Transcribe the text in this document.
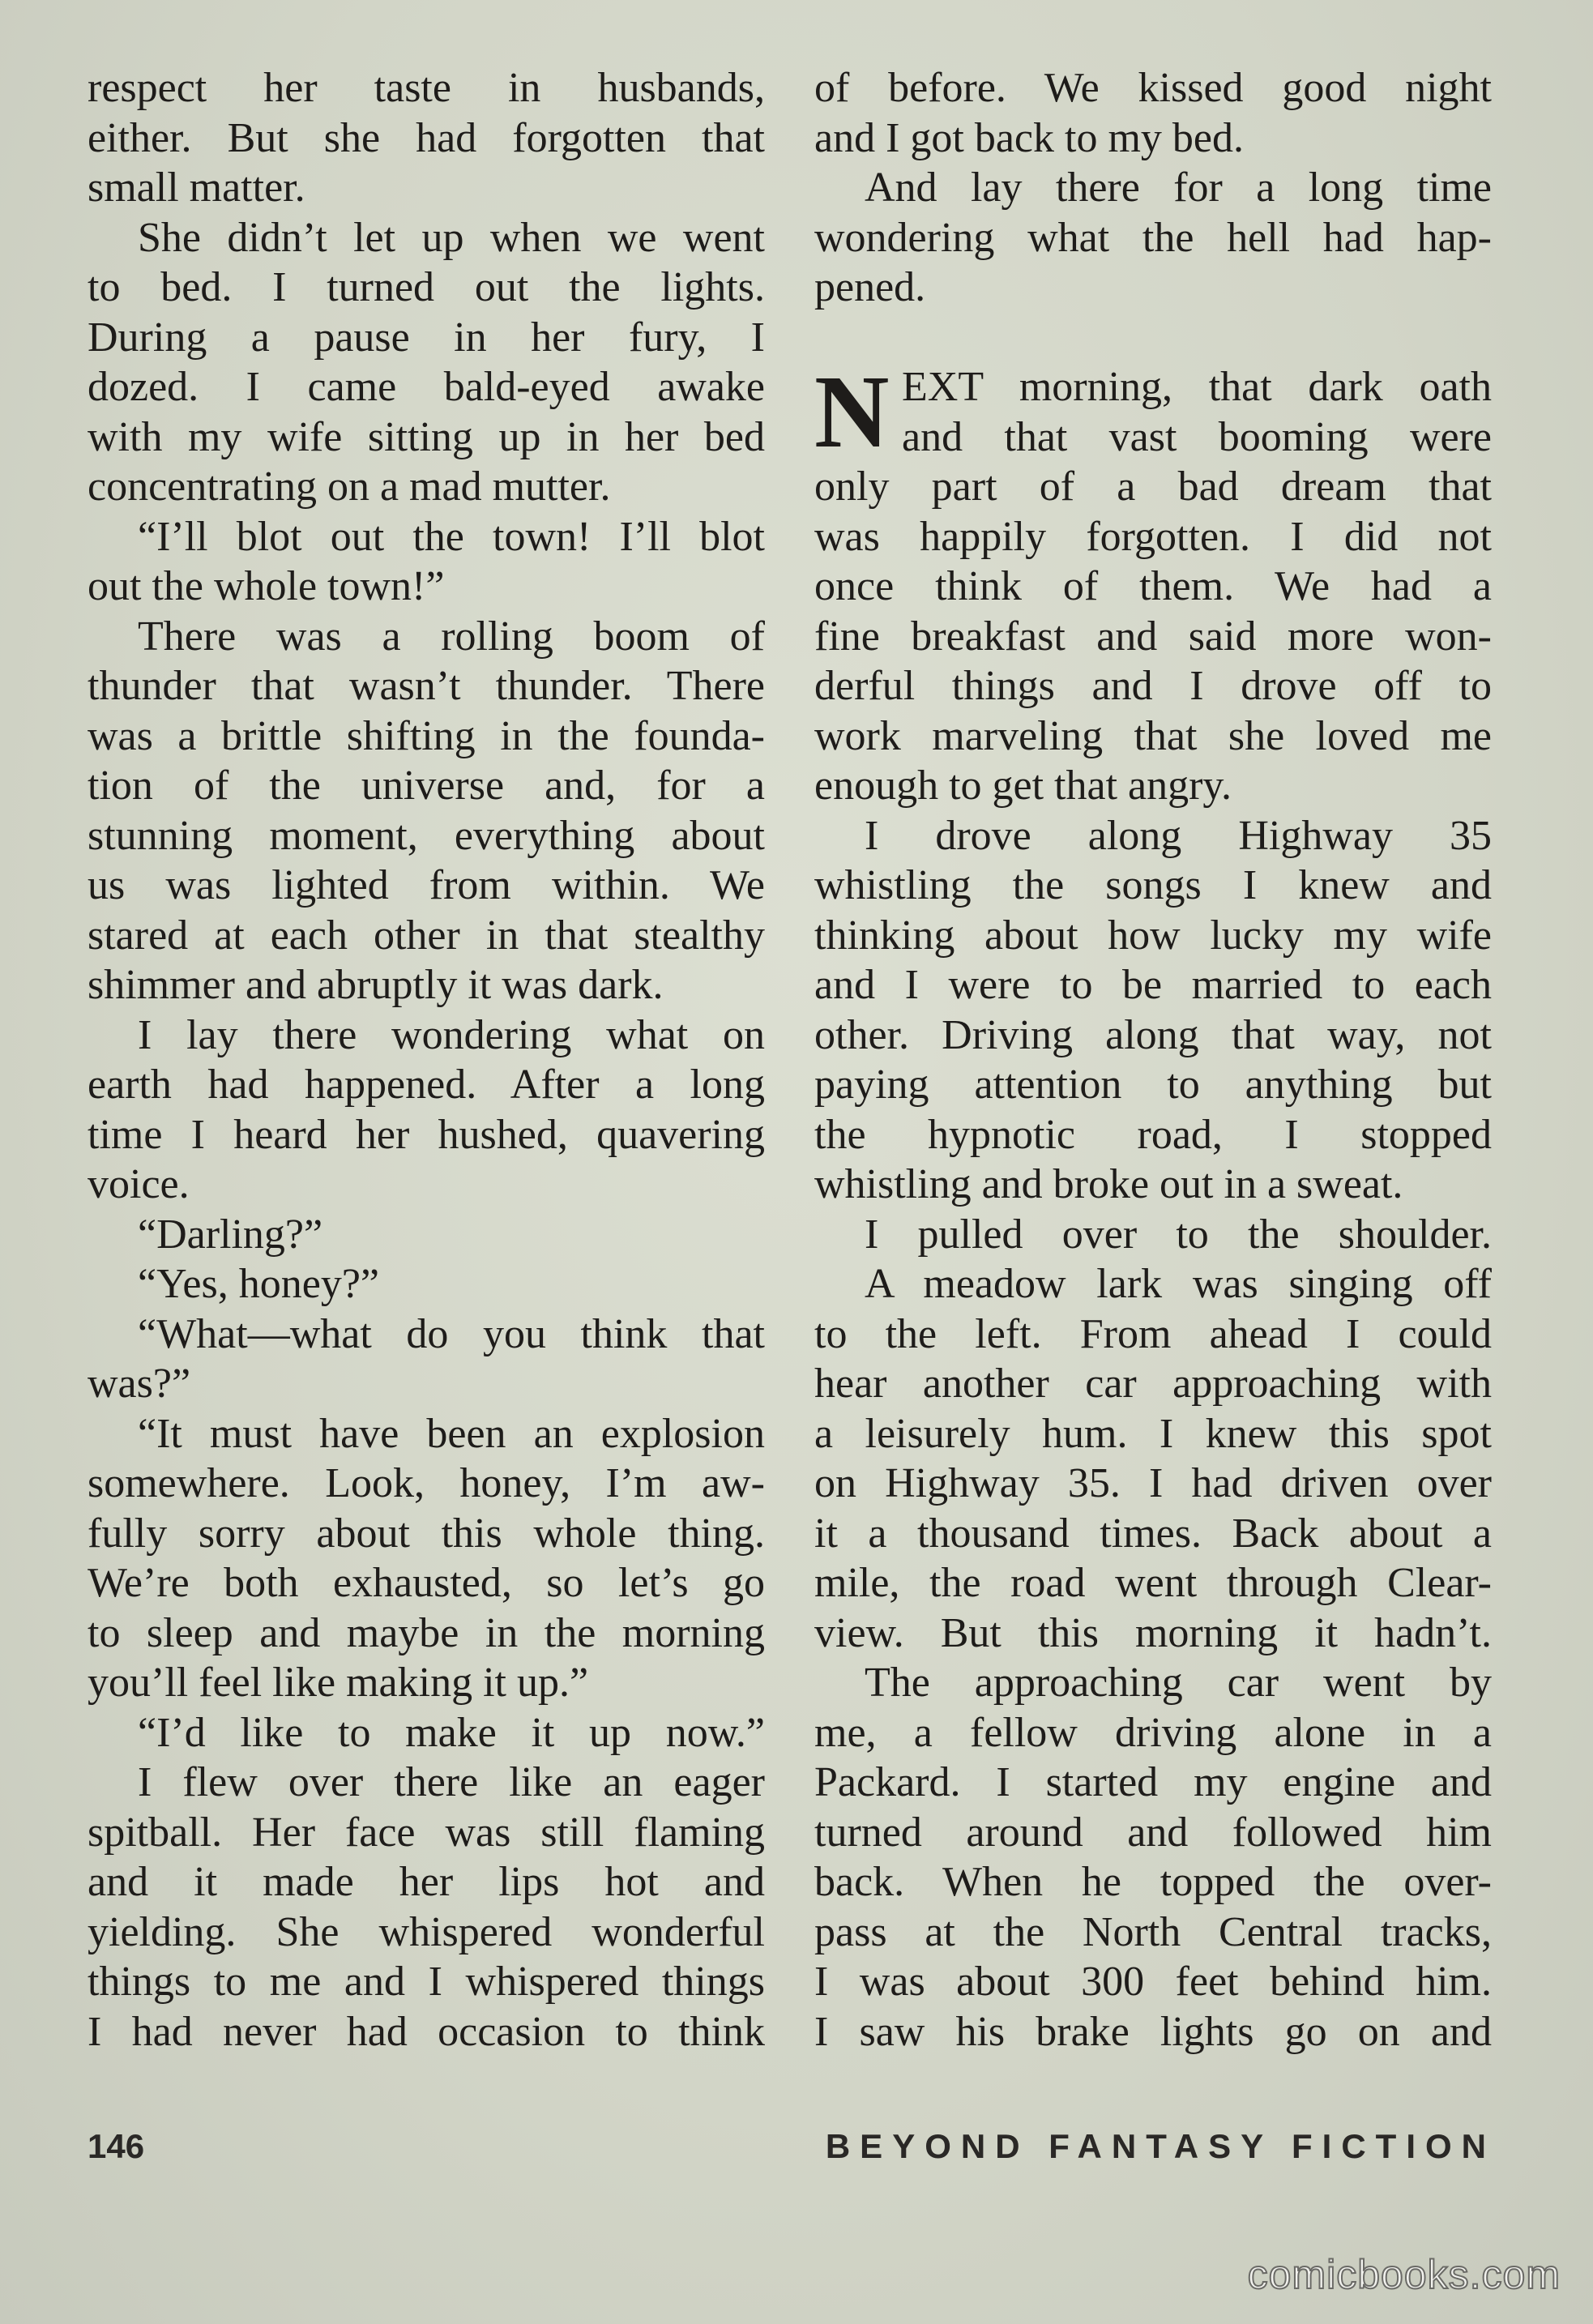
respect her taste in husbands,
either. But she had forgotten that
small matter.
She didn’t let up when we went
to bed. I turned out the lights.
During a pause in her fury, I
dozed. I came bald-eyed awake
with my wife sitting up in her bed
concentrating on a mad mutter.
“I’ll blot out the town! I’ll blot
out the whole town!”
There was a rolling boom of
thunder that wasn’t thunder. There
was a brittle shifting in the founda-
tion of the universe and, for a
stunning moment, everything about
us was lighted from within. We
stared at each other in that stealthy
shimmer and abruptly it was dark.
I lay there wondering what on
earth had happened. After a long
time I heard her hushed, quavering
voice.
“Darling?”
“Yes, honey?”
“What—what do you think that
was?”
“It must have been an explosion
somewhere. Look, honey, I’m aw-
fully sorry about this whole thing.
We’re both exhausted, so let’s go
to sleep and maybe in the morning
you’ll feel like making it up.”
“I’d like to make it up now.”
I flew over there like an eager
spitball. Her face was still flaming
and it made her lips hot and
yielding. She whispered wonderful
things to me and I whispered things
I had never had occasion to think
of before. We kissed good night
and I got back to my bed.
And lay there for a long time
wondering what the hell had hap-
pened.
N EXT morning, that dark oath
and that vast booming were
only part of a bad dream that
was happily forgotten. I did not
once think of them. We had a
fine breakfast and said more won-
derful things and I drove off to
work marveling that she loved me
enough to get that angry.
I drove along Highway 35
whistling the songs I knew and
thinking about how lucky my wife
and I were to be married to each
other. Driving along that way, not
paying attention to anything but
the hypnotic road, I stopped
whistling and broke out in a sweat.
I pulled over to the shoulder.
A meadow lark was singing off
to the left. From ahead I could
hear another car approaching with
a leisurely hum. I knew this spot
on Highway 35. I had driven over
it a thousand times. Back about a
mile, the road went through Clear-
view. But this morning it hadn’t.
The approaching car went by
me, a fellow driving alone in a
Packard. I started my engine and
turned around and followed him
back. When he topped the over-
pass at the North Central tracks,
I was about 300 feet behind him.
I saw his brake lights go on and
146	BEYOND FANTASY FICTION
comicbooks.com
